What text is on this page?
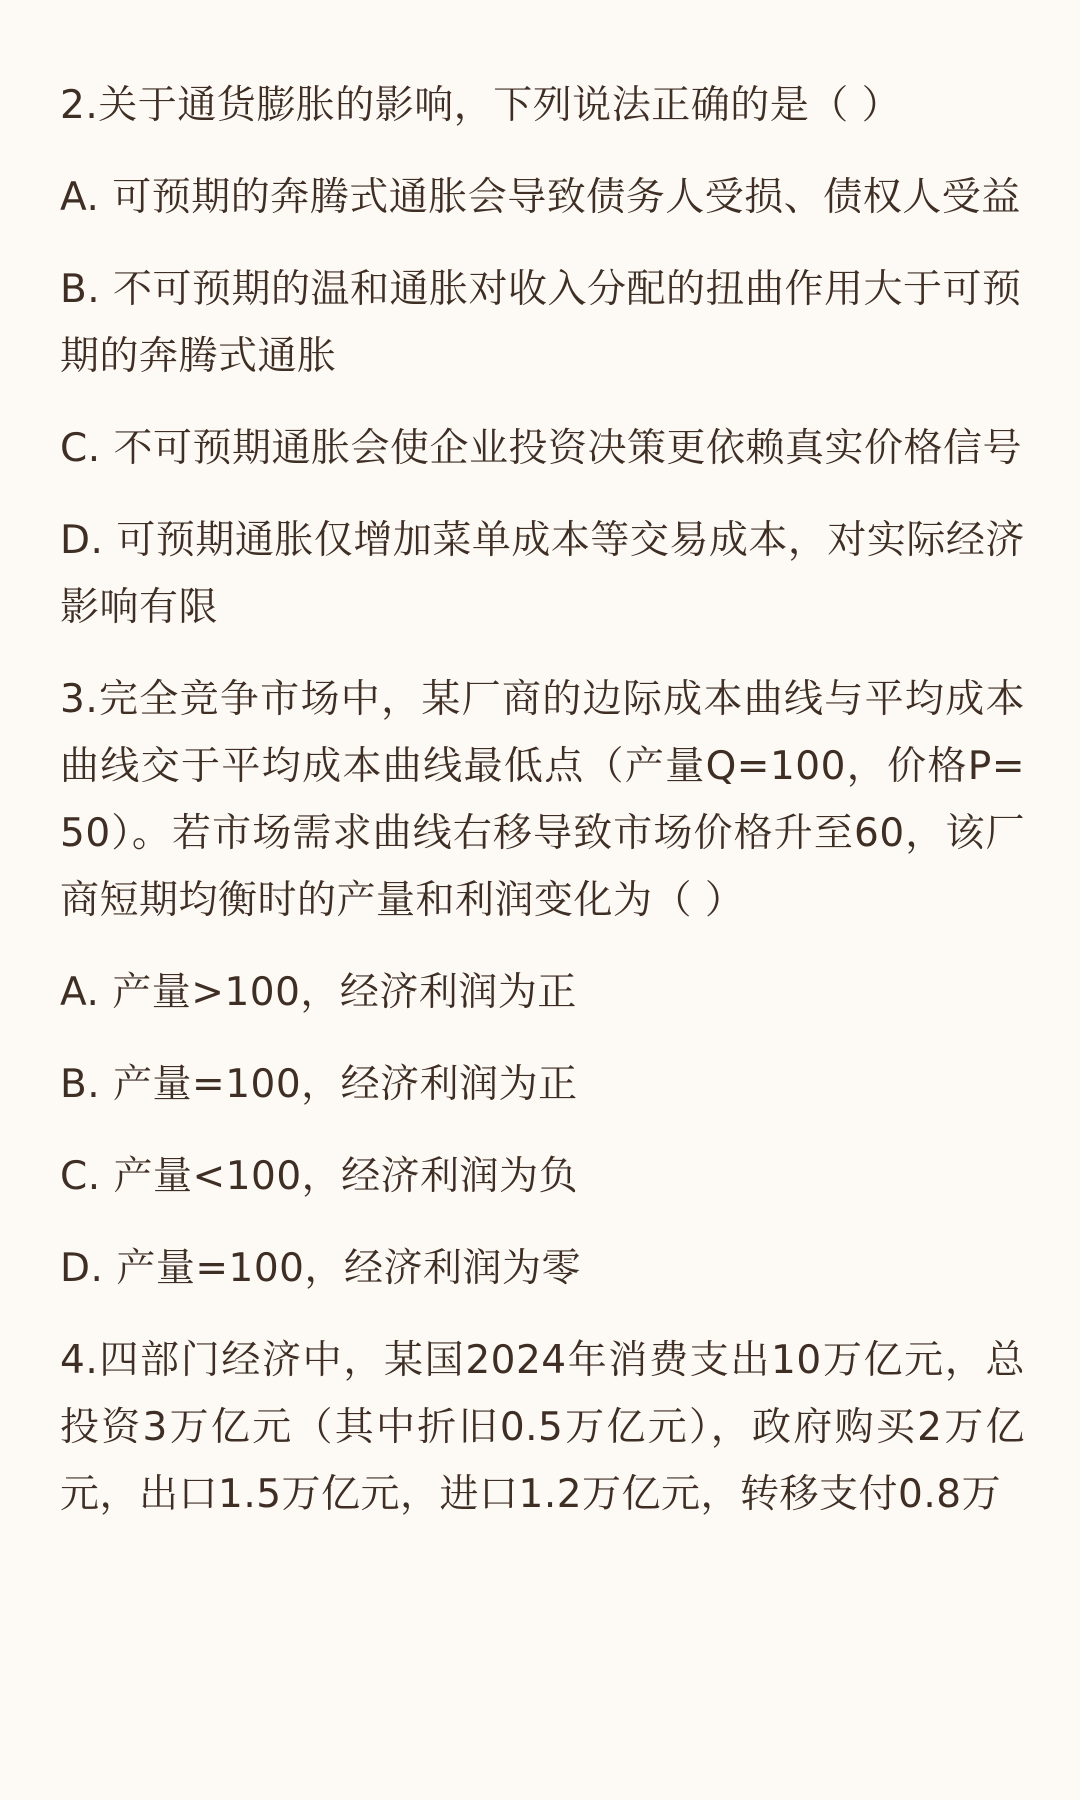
2.关于通货膨胀的影响，下列说法正确的是（ ）

A. 可预期的奔腾式通胀会导致债务人受损、债权人受益

B. 不可预期的温和通胀对收入分配的扭曲作用大于可预期的奔腾式通胀

C. 不可预期通胀会使企业投资决策更依赖真实价格信号

D. 可预期通胀仅增加菜单成本等交易成本，对实际经济影响有限

3.完全竞争市场中，某厂商的边际成本曲线与平均成本曲线交于平均成本曲线最低点（产量Q=100，价格P=50）。若市场需求曲线右移导致市场价格升至60，该厂商短期均衡时的产量和利润变化为（ ）

A. 产量>100，经济利润为正

B. 产量=100，经济利润为正

C. 产量<100，经济利润为负

D. 产量=100，经济利润为零

4.四部门经济中，某国2024年消费支出10万亿元，总投资3万亿元（其中折旧0.5万亿元），政府购买2万亿元，出口1.5万亿元，进口1.2万亿元，转移支付0.8万
